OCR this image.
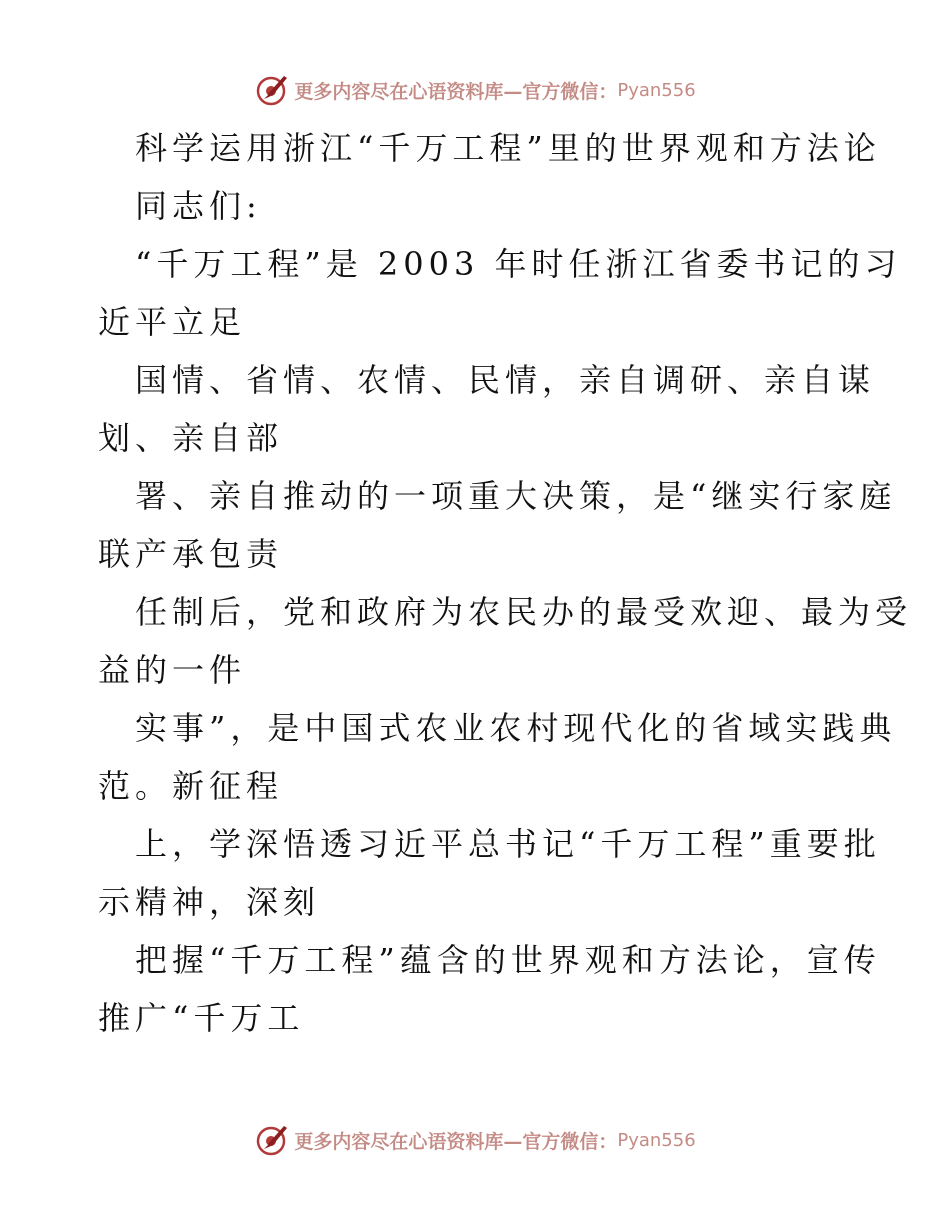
更多内容尽在心语资料库—官方微信： Pyan556
科学运用浙江“千万工程”里的世界观和方法论
同志们:
“千万工程”是 2003 年时任浙江省委书记的习
近平立足
国情、省情、农情、民情，亲自调研、亲自谋
划、亲自部
署、亲自推动的一项重大决策，是“继实行家庭
联产承包责
任制后，党和政府为农民办的最受欢迎、最为受
益的一件
实事”，是中国式农业农村现代化的省域实践典
范。新征程
上，学深悟透习近平总书记“千万工程”重要批
示精神，深刻
把握“千万工程”蕴含的世界观和方法论，宣传
推广“千万工
更多内容尽在心语资料库—官方微信： Pyan556
